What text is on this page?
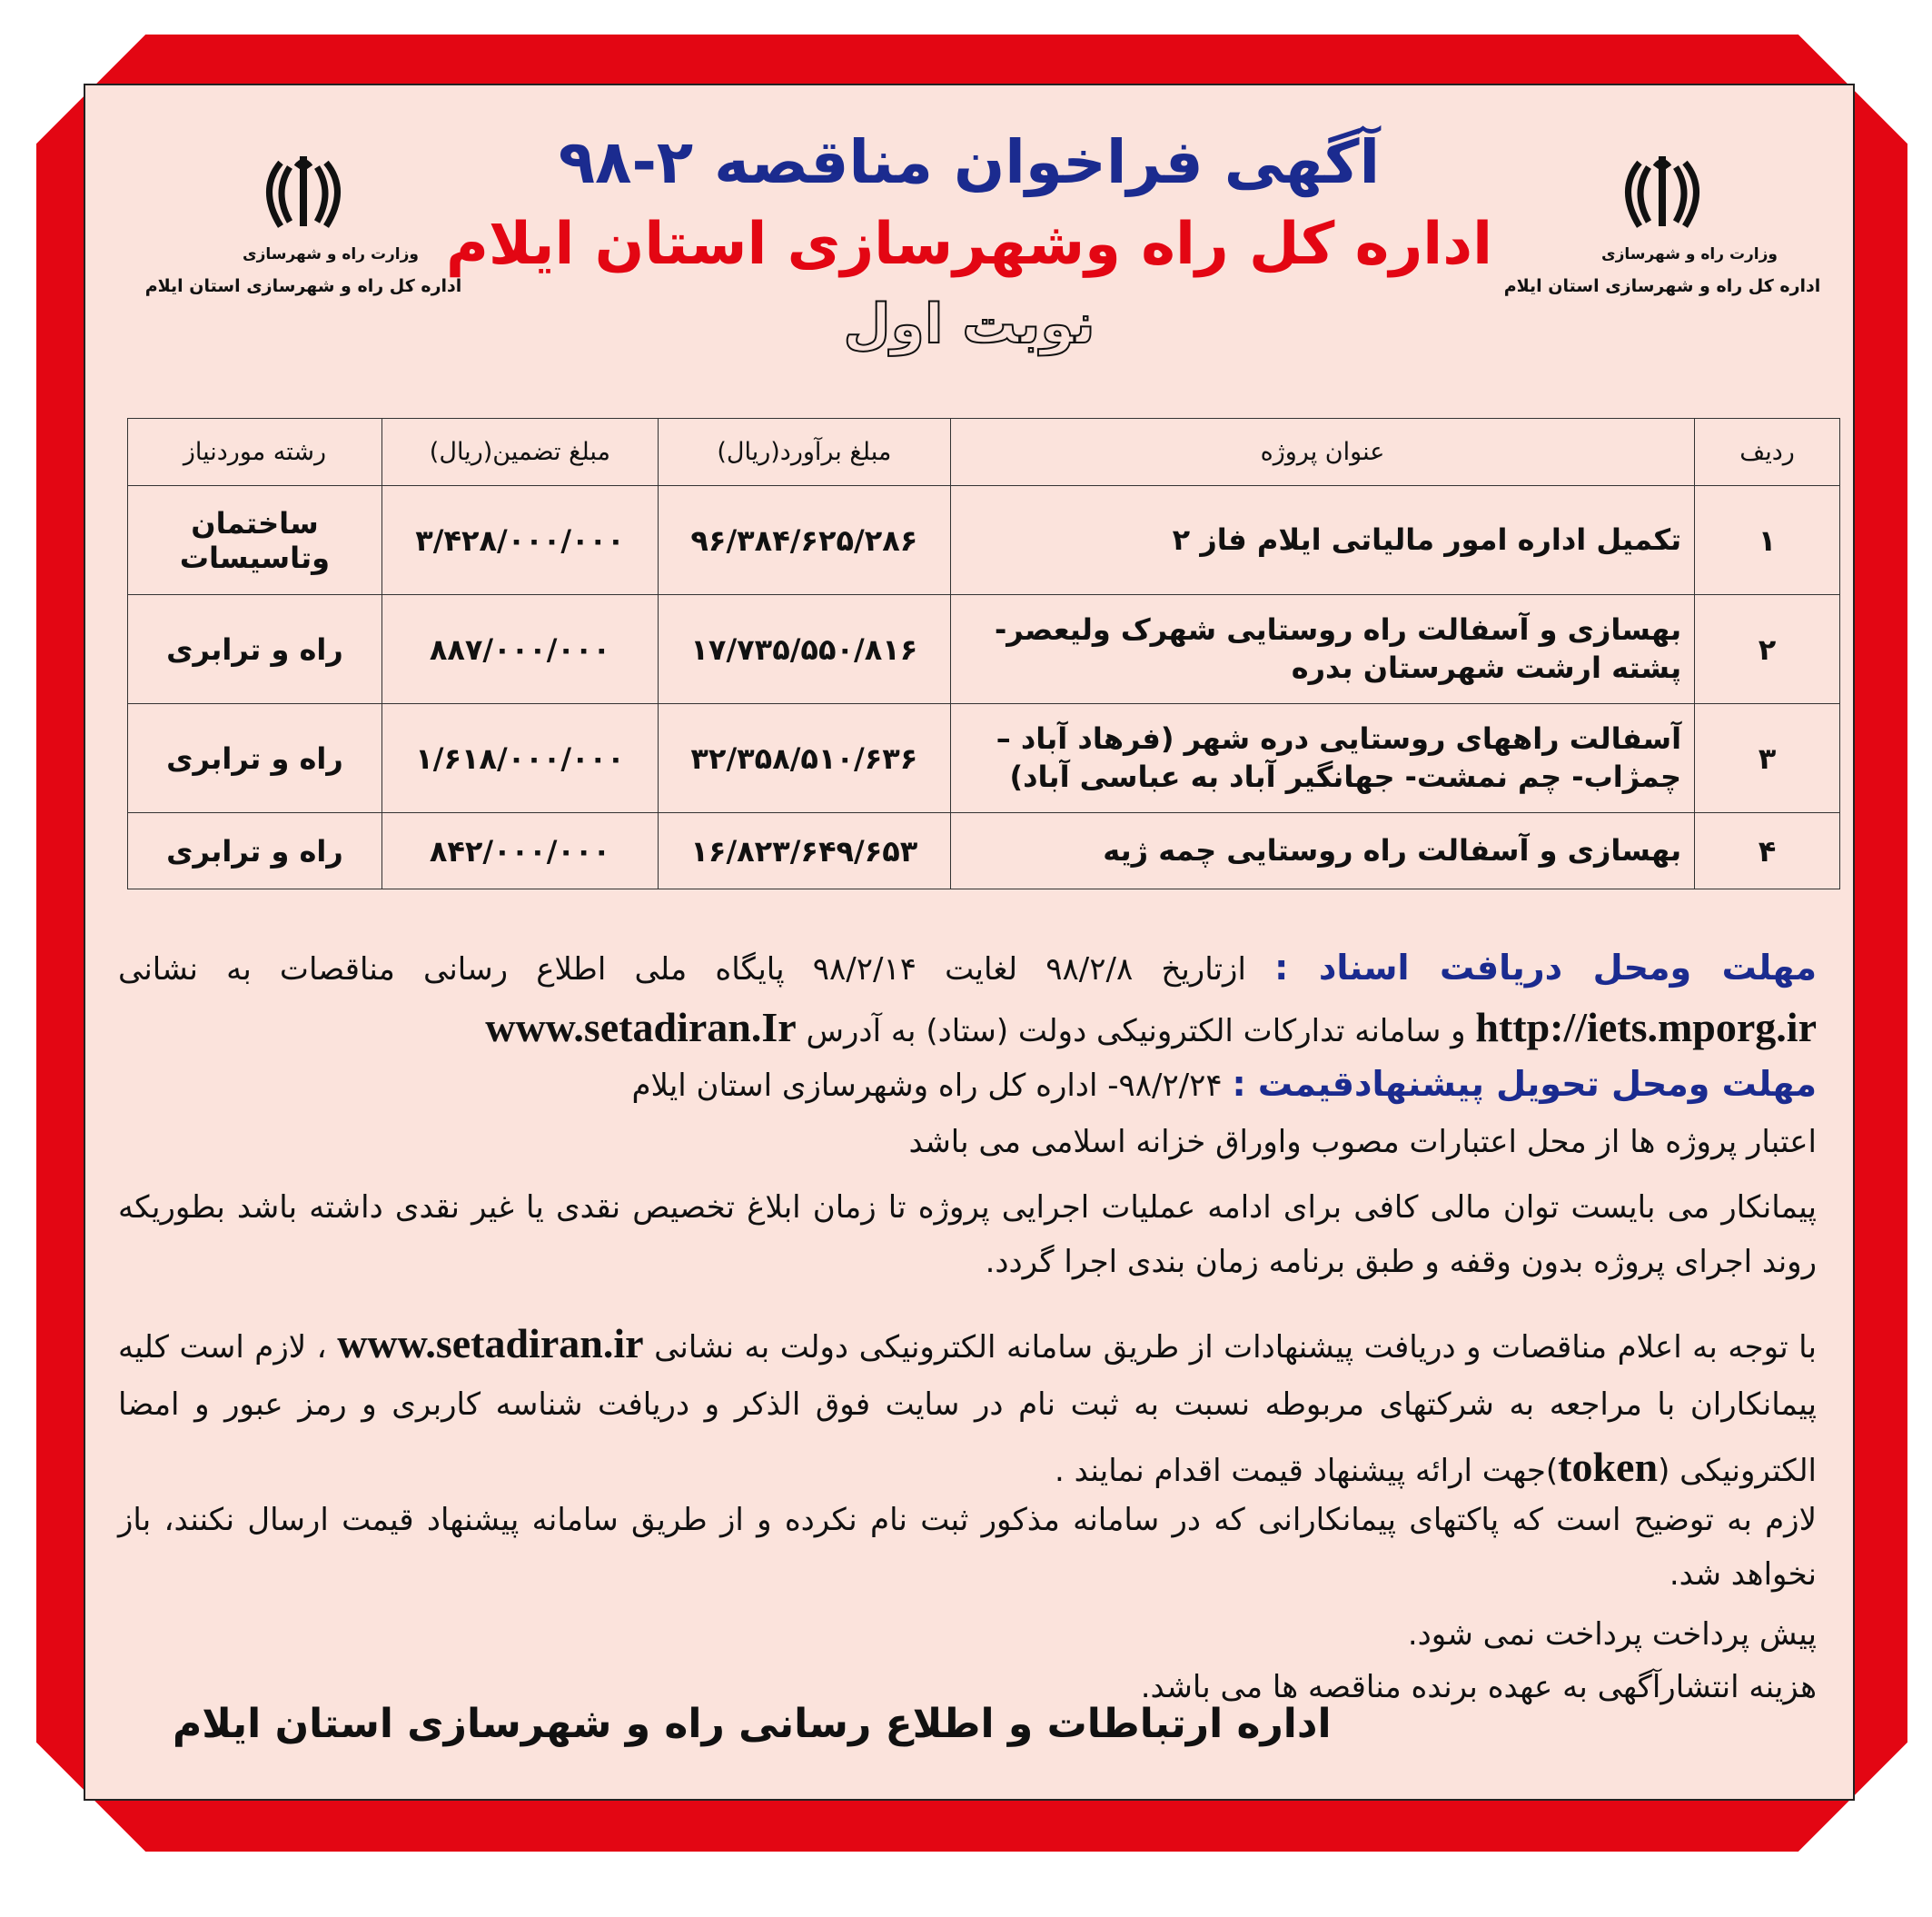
وزارت راه و شهرسازی
اداره کل راه و شهرسازی استان ایلام
وزارت راه و شهرسازی
اداره کل راه و شهرسازی استان ایلام
آگهی فراخوان مناقصه ۲-۹۸
اداره کل راه وشهرسازی استان ایلام
نوبت اول
ردیف	عنوان پروژه	مبلغ برآورد(ریال)	مبلغ تضمین(ریال)	رشته موردنیاز
۱	تکمیل اداره امور مالیاتی ایلام فاز ۲	۹۶/۳۸۴/۶۲۵/۲۸۶	۳/۴۲۸/۰۰۰/۰۰۰	ساختمان وتاسیسات
۲	بهسازی و آسفالت راه روستایی شهرک ولیعصر- پشته ارشت شهرستان بدره	۱۷/۷۳۵/۵۵۰/۸۱۶	۸۸۷/۰۰۰/۰۰۰	راه و ترابری
۳	آسفالت راههای روستایی دره شهر (فرهاد آباد – چمژاب- چم نمشت- جهانگیر آباد به عباسی آباد)	۳۲/۳۵۸/۵۱۰/۶۳۶	۱/۶۱۸/۰۰۰/۰۰۰	راه و ترابری
۴	بهسازی و آسفالت راه روستایی چمه ژیه	۱۶/۸۲۳/۶۴۹/۶۵۳	۸۴۲/۰۰۰/۰۰۰	راه و ترابری
مهلت ومحل دریافت اسناد : ازتاریخ ۹۸/۲/۸ لغایت ۹۸/۲/۱۴ پایگاه ملی اطلاع رسانی مناقصات به نشانی http://iets.mporg.ir و سامانه تدارکات الکترونیکی دولت (ستاد) به آدرس www.setadiran.Ir
مهلت ومحل تحویل پیشنهادقیمت : ۹۸/۲/۲۴- اداره کل راه وشهرسازی استان ایلام
اعتبار پروژه ها از محل اعتبارات مصوب واوراق خزانه اسلامی می باشد
پیمانکار می بایست توان مالی کافی برای ادامه عملیات اجرایی پروژه تا زمان ابلاغ تخصیص نقدی یا غیر نقدی داشته باشد بطوریکه روند اجرای پروژه بدون وقفه و طبق برنامه زمان بندی اجرا گردد.
با توجه به اعلام مناقصات و دریافت پیشنهادات از طریق سامانه الکترونیکی دولت به نشانی www.setadiran.ir ، لازم است کلیه پیمانکاران با مراجعه به شرکتهای مربوطه نسبت به ثبت نام در سایت فوق الذکر و دریافت شناسه کاربری و رمز عبور و امضا الکترونیکی (token)جهت ارائه پیشنهاد قیمت اقدام نمایند .
لازم به توضیح است که پاکتهای پیمانکارانی که در سامانه مذکور ثبت نام نکرده و از طریق سامانه پیشنهاد قیمت ارسال نکنند، باز نخواهد شد.
پیش پرداخت پرداخت نمی شود.
هزینه انتشارآگهی به عهده برنده مناقصه ها می باشد.
اداره ارتباطات و اطلاع رسانی راه و شهرسازی استان ایلام
